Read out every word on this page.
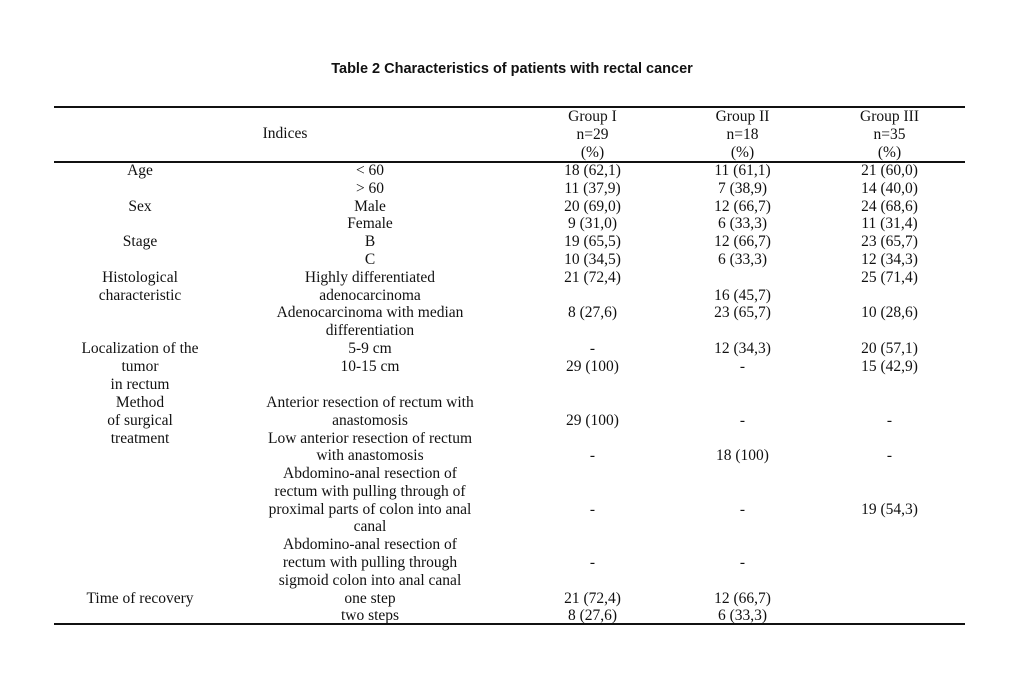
Table 2 Characteristics of patients with rectal cancer
Indices
Group I
n=29
(%)
Group II
n=18
(%)
Group III
n=35
(%)
Age
Sex
Stage
Histological
characteristic
Localization of the
tumor
in rectum
Method
of surgical
treatment
Time of recovery
< 60
> 60
Male
Female
B
C
Highly differentiated
adenocarcinoma
Adenocarcinoma with median
differentiation
5-9 cm
10-15 cm
Anterior resection of rectum with
anastomosis
Low anterior resection of rectum
with anastomosis
Abdomino-anal resection of
rectum with pulling through of
proximal parts of colon into anal
canal
Abdomino-anal resection of
rectum with pulling through
sigmoid colon into anal canal
one step
two steps
18 (62,1)
11 (37,9)
20 (69,0)
9 (31,0)
19 (65,5)
10 (34,5)
21 (72,4)
8 (27,6)
-
29 (100)
29 (100)
-
-
-
21 (72,4)
8 (27,6)
11 (61,1)
7 (38,9)
12 (66,7)
6 (33,3)
12 (66,7)
6 (33,3)
16 (45,7)
23 (65,7)
12 (34,3)
-
-
18 (100)
-
-
12 (66,7)
6 (33,3)
21 (60,0)
14 (40,0)
24 (68,6)
11 (31,4)
23 (65,7)
12 (34,3)
25 (71,4)
10 (28,6)
20 (57,1)
15 (42,9)
-
-
19 (54,3)
